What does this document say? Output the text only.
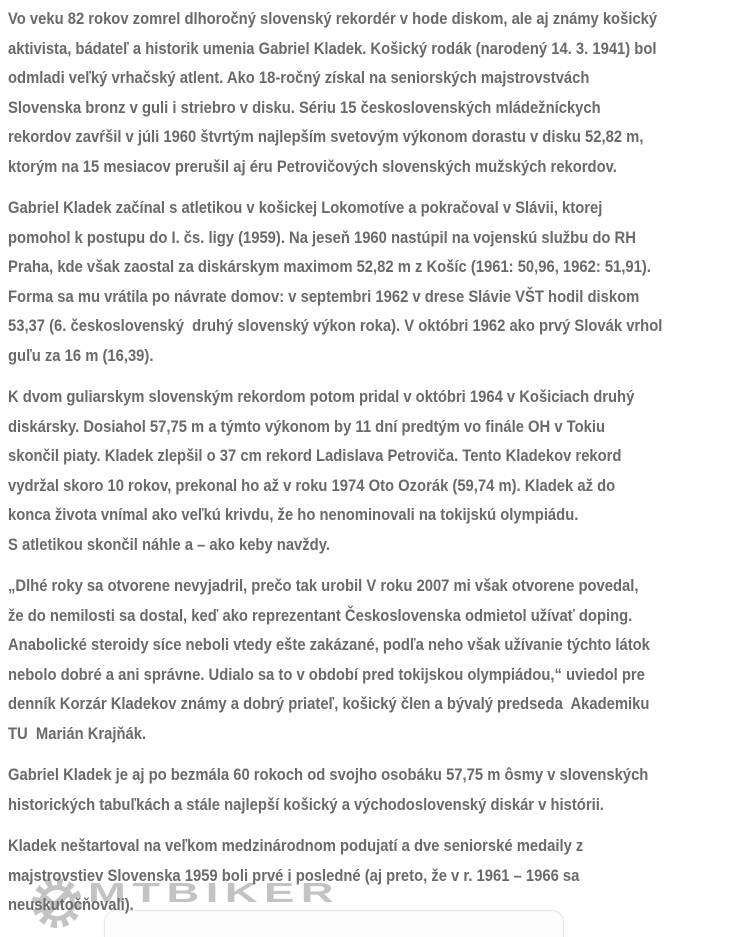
MTBIKER
Vo veku 82 rokov zomrel dlhoročný slovenský rekordér v hode diskom, ale aj známy košický
aktivista, bádateľ a historik umenia Gabriel Kladek. Košický rodák (narodený 14. 3. 1941) bol
odmladi veľký vrhačský atlent. Ako 18-ročný získal na seniorských majstrovstvách
Slovenska bronz v guli i striebro v disku. Sériu 15 československých mládežníckych
rekordov zavŕšil v júli 1960 štvrtým najlepším svetovým výkonom dorastu v disku 52,82 m,
ktorým na 15 mesiacov prerušil aj éru Petrovičových slovenských mužských rekordov.
Gabriel Kladek začínal s atletikou v košickej Lokomotíve a pokračoval v Slávii, ktorej
pomohol k postupu do I. čs. ligy (1959). Na jeseň 1960 nastúpil na vojenskú službu do RH
Praha, kde však zaostal za diskárskym maximom 52,82 m z Košíc (1961: 50,96, 1962: 51,91).
Forma sa mu vrátila po návrate domov: v septembri 1962 v drese Slávie VŠT hodil diskom
53,37 (6. československý  druhý slovenský výkon roka). V októbri 1962 ako prvý Slovák vrhol
guľu za 16 m (16,39).
K dvom guliarskym slovenským rekordom potom pridal v októbri 1964 v Košiciach druhý
diskársky. Dosiahol 57,75 m a týmto výkonom by 11 dní predtým vo finále OH v Tokiu
skončil piaty. Kladek zlepšil o 37 cm rekord Ladislava Petroviča. Tento Kladekov rekord
vydržal skoro 10 rokov, prekonal ho až v roku 1974 Oto Ozorák (59,74 m). Kladek až do
konca života vnímal ako veľkú krivdu, že ho nenominovali na tokijskú olympiádu.
S atletikou skončil náhle a – ako keby navždy.
„Dlhé roky sa otvorene nevyjadril, prečo tak urobil V roku 2007 mi však otvorene povedal,
že do nemilosti sa dostal, keď ako reprezentant Československa odmietol užívať doping.
Anabolické steroidy síce neboli vtedy ešte zakázané, podľa neho však užívanie týchto látok
nebolo dobré a ani správne. Udialo sa to v období pred tokijskou olympiádou,“ uviedol pre
denník Korzár Kladekov známy a dobrý priateľ, košický člen a bývalý predseda  Akademiku
TU  Marián Krajňák.
Gabriel Kladek je aj po bezmála 60 rokoch od svojho osobáku 57,75 m ôsmy v slovenských
historických tabuľkách a stále najlepší košický a východoslovenský diskár v histórii.
Kladek neštartoval na veľkom medzinárodnom podujatí a dve seniorské medaily z
majstrovstiev Slovenska 1959 boli prvé i posledné (aj preto, že v r. 1961 – 1966 sa
neuskutočňovali).
